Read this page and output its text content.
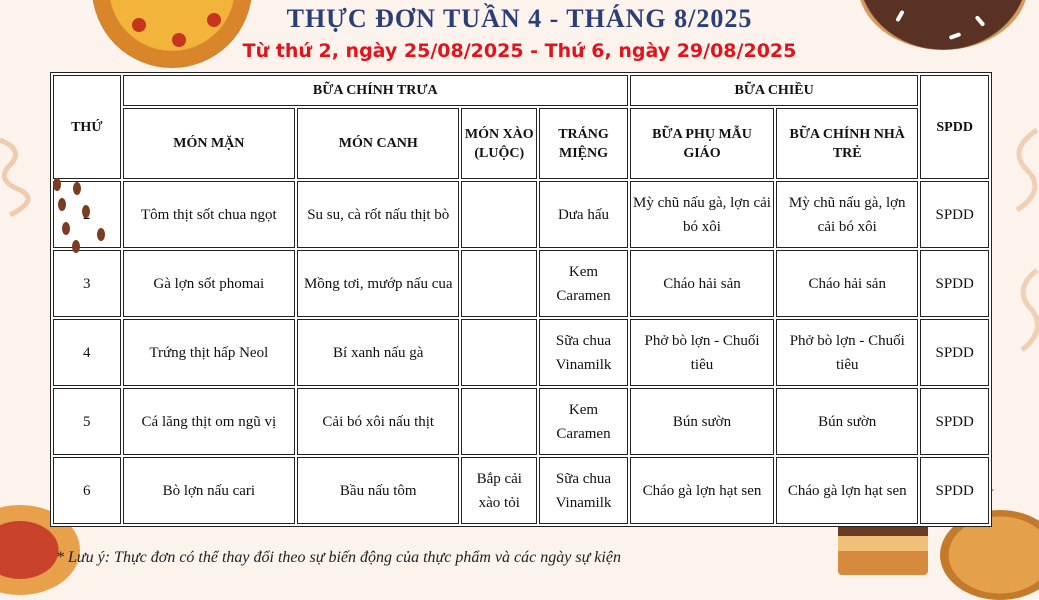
THỰC ĐƠN TUẦN 4 - THÁNG 8/2025
Từ thứ 2, ngày 25/08/2025 - Thứ 6, ngày 29/08/2025
THỨ	BỮA CHÍNH TRƯA				BỮA CHIỀU		SPDD
	MÓN MẶN	MÓN CANH	MÓN XÀO (LUỘC)	TRÁNG MIỆNG	BỮA PHỤ MẪU GIÁO	BỮA CHÍNH NHÀ TRẺ	
	Tôm thịt sốt chua ngọt	Su su, cà rốt nấu thịt bò		Dưa hấu	Mỳ chũ nấu gà, lợn cải bó xôi	Mỳ chũ nấu gà, lợn cải bó xôi	SPDD
3	Gà lợn sốt phomai	Mồng tơi, mướp nấu cua		Kem Caramen	Cháo hải sản	Cháo hải sản	SPDD
4	Trứng thịt hấp Neol	Bí xanh nấu gà		Sữa chua Vinamilk	Phở bò lợn - Chuối tiêu	Phở bò lợn - Chuối tiêu	SPDD
5	Cá lăng thịt om ngũ vị	Cải bó xôi nấu thịt		Kem Caramen	Bún sườn	Bún sườn	SPDD
6	Bò lợn nấu cari	Bầu nấu tôm	Bắp cải xào tỏi	Sữa chua Vinamilk	Cháo gà lợn hạt sen	Cháo gà lợn hạt sen	SPDD
* Lưu ý: Thực đơn có thể thay đổi theo sự biến động của thực phẩm và các ngày sự kiện
